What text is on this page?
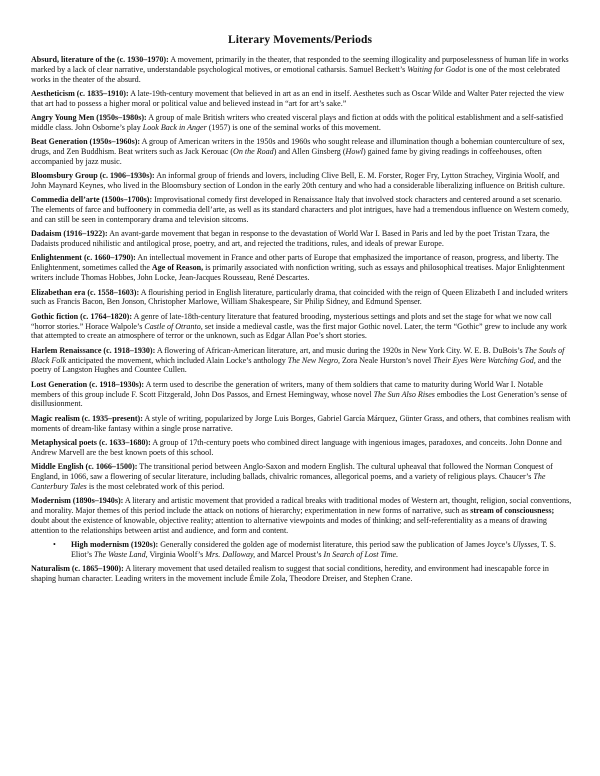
Literary Movements/Periods
Absurd, literature of the (c. 1930–1970): A movement, primarily in the theater, that responded to the seeming illogicality and purposelessness of human life in works marked by a lack of clear narrative, understandable psychological motives, or emotional catharsis. Samuel Beckett’s Waiting for Godot is one of the most celebrated works in the theater of the absurd.
Aestheticism (c. 1835–1910): A late-19th-century movement that believed in art as an end in itself. Aesthetes such as Oscar Wilde and Walter Pater rejected the view that art had to possess a higher moral or political value and believed instead in “art for art’s sake.”
Angry Young Men (1950s–1980s): A group of male British writers who created visceral plays and fiction at odds with the political establishment and a self-satisfied middle class. John Osborne’s play Look Back in Anger (1957) is one of the seminal works of this movement.
Beat Generation (1950s–1960s): A group of American writers in the 1950s and 1960s who sought release and illumination though a bohemian counterculture of sex, drugs, and Zen Buddhism. Beat writers such as Jack Kerouac (On the Road) and Allen Ginsberg (Howl) gained fame by giving readings in coffeehouses, often accompanied by jazz music.
Bloomsbury Group (c. 1906–1930s): An informal group of friends and lovers, including Clive Bell, E. M. Forster, Roger Fry, Lytton Strachey, Virginia Woolf, and John Maynard Keynes, who lived in the Bloomsbury section of London in the early 20th century and who had a considerable liberalizing influence on British culture.
Commedia dell’arte (1500s–1700s): Improvisational comedy first developed in Renaissance Italy that involved stock characters and centered around a set scenario. The elements of farce and buffoonery in commedia dell’arte, as well as its standard characters and plot intrigues, have had a tremendous influence on Western comedy, and can still be seen in contemporary drama and television sitcoms.
Dadaism (1916–1922): An avant-garde movement that began in response to the devastation of World War I. Based in Paris and led by the poet Tristan Tzara, the Dadaists produced nihilistic and antilogical prose, poetry, and art, and rejected the traditions, rules, and ideals of prewar Europe.
Enlightenment (c. 1660–1790): An intellectual movement in France and other parts of Europe that emphasized the importance of reason, progress, and liberty. The Enlightenment, sometimes called the Age of Reason, is primarily associated with nonfiction writing, such as essays and philosophical treatises. Major Enlightenment writers include Thomas Hobbes, John Locke, Jean-Jacques Rousseau, René Descartes.
Elizabethan era (c. 1558–1603): A flourishing period in English literature, particularly drama, that coincided with the reign of Queen Elizabeth I and included writers such as Francis Bacon, Ben Jonson, Christopher Marlowe, William Shakespeare, Sir Philip Sidney, and Edmund Spenser.
Gothic fiction (c. 1764–1820): A genre of late-18th-century literature that featured brooding, mysterious settings and plots and set the stage for what we now call “horror stories.” Horace Walpole’s Castle of Otranto, set inside a medieval castle, was the first major Gothic novel. Later, the term “Gothic” grew to include any work that attempted to create an atmosphere of terror or the unknown, such as Edgar Allan Poe’s short stories.
Harlem Renaissance (c. 1918–1930): A flowering of African-American literature, art, and music during the 1920s in New York City. W. E. B. DuBois’s The Souls of Black Folk anticipated the movement, which included Alain Locke’s anthology The New Negro, Zora Neale Hurston’s novel Their Eyes Were Watching God, and the poetry of Langston Hughes and Countee Cullen.
Lost Generation (c. 1918–1930s): A term used to describe the generation of writers, many of them soldiers that came to maturity during World War I. Notable members of this group include F. Scott Fitzgerald, John Dos Passos, and Ernest Hemingway, whose novel The Sun Also Rises embodies the Lost Generation’s sense of disillusionment.
Magic realism (c. 1935–present): A style of writing, popularized by Jorge Luis Borges, Gabriel García Márquez, Günter Grass, and others, that combines realism with moments of dream-like fantasy within a single prose narrative.
Metaphysical poets (c. 1633–1680): A group of 17th-century poets who combined direct language with ingenious images, paradoxes, and conceits. John Donne and Andrew Marvell are the best known poets of this school.
Middle English (c. 1066–1500): The transitional period between Anglo-Saxon and modern English. The cultural upheaval that followed the Norman Conquest of England, in 1066, saw a flowering of secular literature, including ballads, chivalric romances, allegorical poems, and a variety of religious plays. Chaucer’s The Canterbury Tales is the most celebrated work of this period.
Modernism (1890s–1940s): A literary and artistic movement that provided a radical breaks with traditional modes of Western art, thought, religion, social conventions, and morality. Major themes of this period include the attack on notions of hierarchy; experimentation in new forms of narrative, such as stream of consciousness; doubt about the existence of knowable, objective reality; attention to alternative viewpoints and modes of thinking; and self-referentiality as a means of drawing attention to the relationships between artist and audience, and form and content.
• High modernism (1920s): Generally considered the golden age of modernist literature, this period saw the publication of James Joyce’s Ulysses, T. S. Eliot’s The Waste Land, Virginia Woolf’s Mrs. Dalloway, and Marcel Proust’s In Search of Lost Time.
Naturalism (c. 1865–1900): A literary movement that used detailed realism to suggest that social conditions, heredity, and environment had inescapable force in shaping human character. Leading writers in the movement include Émile Zola, Theodore Dreiser, and Stephen Crane.
